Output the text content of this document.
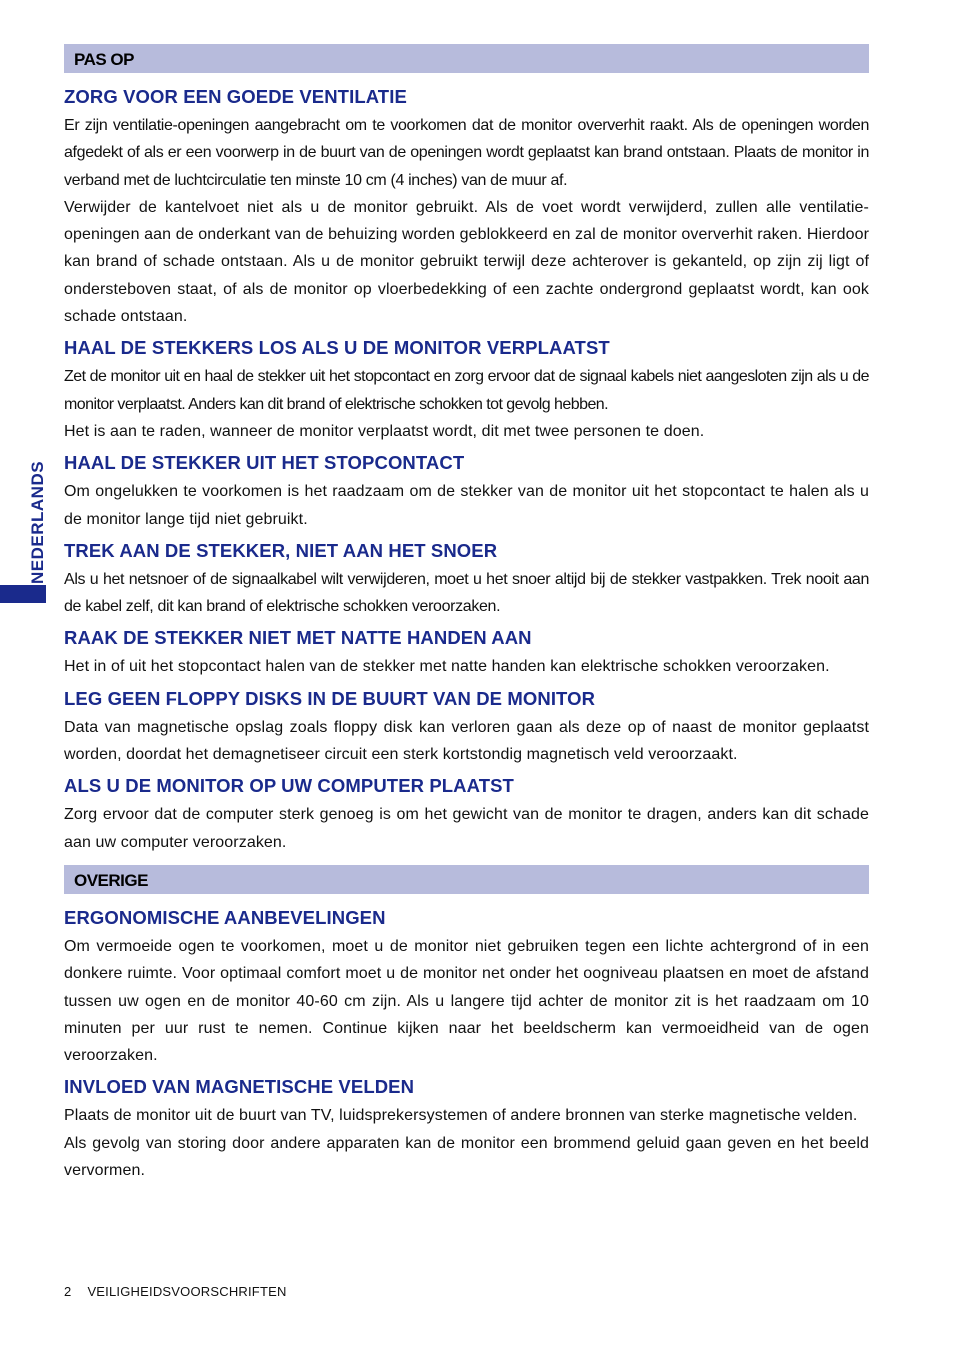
NEDERLANDS
PAS OP
ZORG VOOR EEN GOEDE VENTILATIE

Er zijn ventilatie-openingen aangebracht om te voorkomen dat de monitor oververhit raakt. Als de openingen worden afgedekt of als er een voorwerp in de buurt van de openingen wordt geplaatst kan brand ontstaan. Plaats de monitor in verband met de luchtcirculatie ten minste 10 cm (4 inches) van de muur af.

Verwijder de kantelvoet niet als u de monitor gebruikt. Als de voet wordt verwijderd, zullen alle ventilatie-openingen aan de onderkant van de behuizing worden geblokkeerd en zal de monitor oververhit raken. Hierdoor kan brand of schade ontstaan. Als u de monitor gebruikt terwijl deze achterover is gekanteld, op zijn zij ligt of ondersteboven staat, of als de monitor op vloerbedekking of een zachte ondergrond geplaatst wordt, kan ook schade ontstaan.

HAAL DE STEKKERS LOS ALS U DE MONITOR VERPLAATST

Zet de monitor uit en haal de stekker uit het stopcontact en zorg ervoor dat de signaal kabels niet aangesloten zijn als u de monitor verplaatst. Anders kan dit brand of elektrische schokken tot gevolg hebben.

Het is aan te raden, wanneer de monitor verplaatst wordt, dit met twee personen te doen.

HAAL DE STEKKER UIT HET STOPCONTACT

Om ongelukken te voorkomen is het raadzaam om de stekker van de monitor uit het stopcontact te halen als u de monitor lange tijd niet gebruikt.

TREK AAN DE STEKKER, NIET AAN HET SNOER

Als u het netsnoer of de signaalkabel wilt verwijderen, moet u het snoer altijd bij de stekker vastpakken. Trek nooit aan de kabel zelf, dit kan brand of elektrische schokken veroorzaken.

RAAK DE STEKKER NIET MET NATTE HANDEN AAN

Het in of uit het stopcontact halen van de stekker met natte handen kan elektrische schokken veroorzaken.

LEG GEEN FLOPPY DISKS IN DE BUURT VAN DE MONITOR

Data van magnetische opslag zoals floppy disk kan verloren gaan als deze op of naast de monitor geplaatst worden, doordat het demagnetiseer circuit een sterk kortstondig magnetisch veld veroorzaakt.

ALS U DE MONITOR OP UW COMPUTER PLAATST

Zorg ervoor dat de computer sterk genoeg is om het gewicht van de monitor te dragen, anders kan dit schade aan uw computer veroorzaken.

OVERIGE
ERGONOMISCHE AANBEVELINGEN

Om vermoeide ogen te voorkomen, moet u de monitor niet gebruiken tegen een lichte achtergrond of in een donkere ruimte. Voor optimaal comfort moet u de monitor net onder het oogniveau plaatsen en moet de afstand tussen uw ogen en de monitor 40-60 cm zijn. Als u langere tijd achter de monitor zit is het raadzaam om 10 minuten per uur rust te nemen. Continue kijken naar het beeldscherm kan vermoeidheid van de ogen veroorzaken.

INVLOED VAN MAGNETISCHE VELDEN

Plaats de monitor uit de buurt van TV, luidsprekersystemen of andere bronnen van sterke magnetische velden.

Als gevolg van storing door andere apparaten kan de monitor een brommend geluid gaan geven en het beeld vervormen.

2 VEILIGHEIDSVOORSCHRIFTEN
